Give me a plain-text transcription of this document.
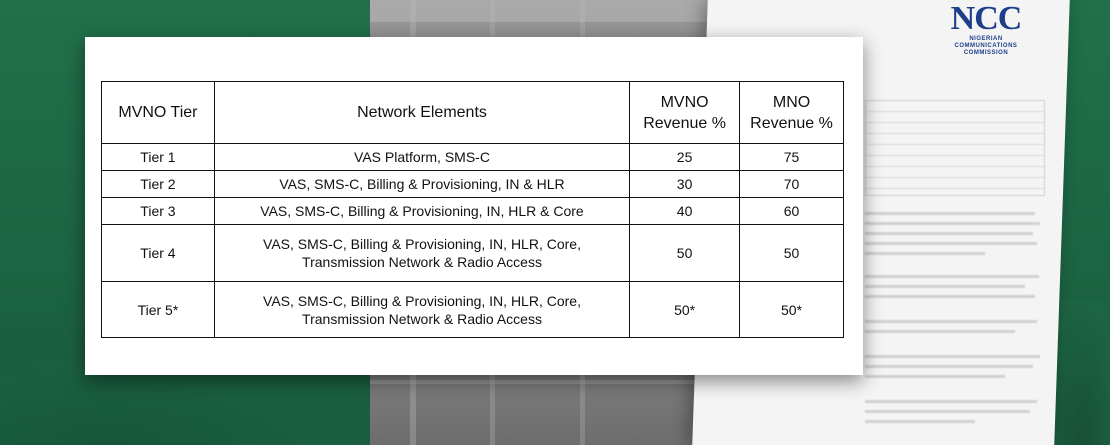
NCC
NIGERIAN
COMMUNICATIONS
COMMISSION
MVNO Tier	Network Elements	MVNO Revenue %	MNO Revenue %
Tier 1	VAS Platform, SMS-C	25	75
Tier 2	VAS, SMS-C, Billing & Provisioning, IN & HLR	30	70
Tier 3	VAS, SMS-C, Billing & Provisioning, IN, HLR & Core	40	60
Tier 4	VAS, SMS-C, Billing & Provisioning, IN, HLR, Core, Transmission Network & Radio Access	50	50
Tier 5*	VAS, SMS-C, Billing & Provisioning, IN, HLR, Core, Transmission Network & Radio Access	50*	50*
